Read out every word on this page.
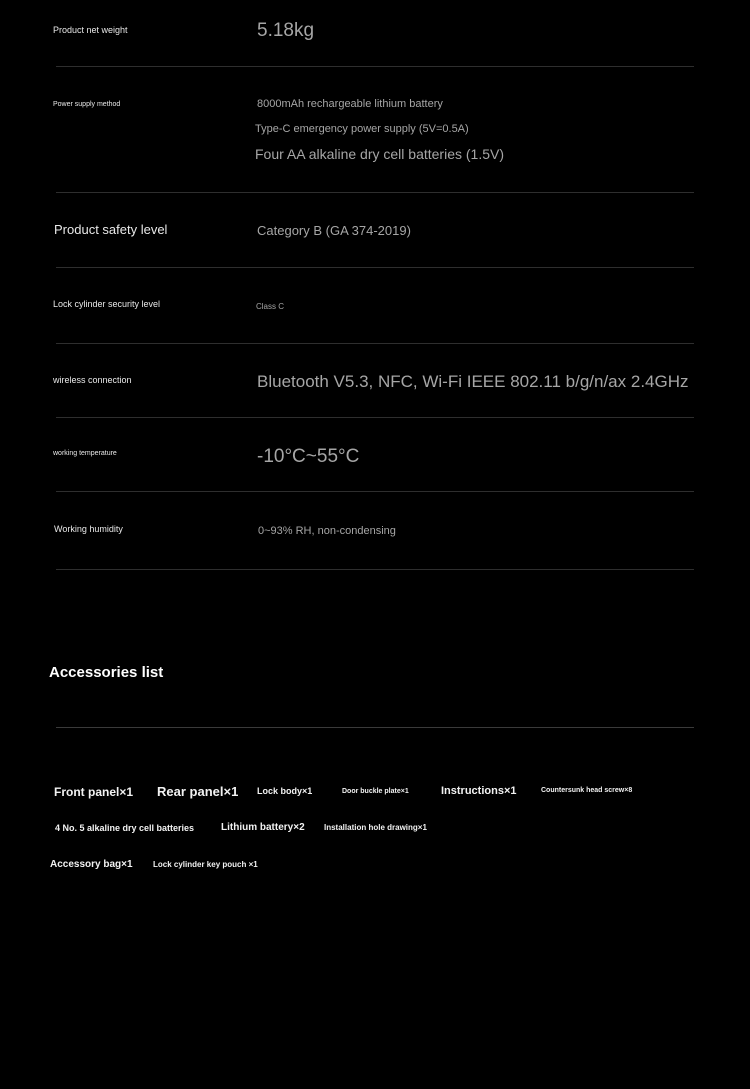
Product net weight	5.18kg
Power supply method	8000mAh rechargeable lithium battery
Type-C emergency power supply (5V=0.5A)
Four AA alkaline dry cell batteries (1.5V)
Product safety level	Category B (GA 374-2019)
Lock cylinder security level	Class C
wireless connection	Bluetooth V5.3, NFC, Wi-Fi IEEE 802.11 b/g/n/ax 2.4GHz
working temperature	-10°C~55°C
Working humidity	0~93% RH, non-condensing
Accessories list
Front panel×1 Rear panel×1 Lock body×1	Door buckle plate×1	Instructions×1	Countersunk head screw×8
4 No. 5 alkaline dry cell batteries	Lithium battery×2 Installation hole drawing×1
Accessory bag×1	Lock cylinder key pouch ×1
